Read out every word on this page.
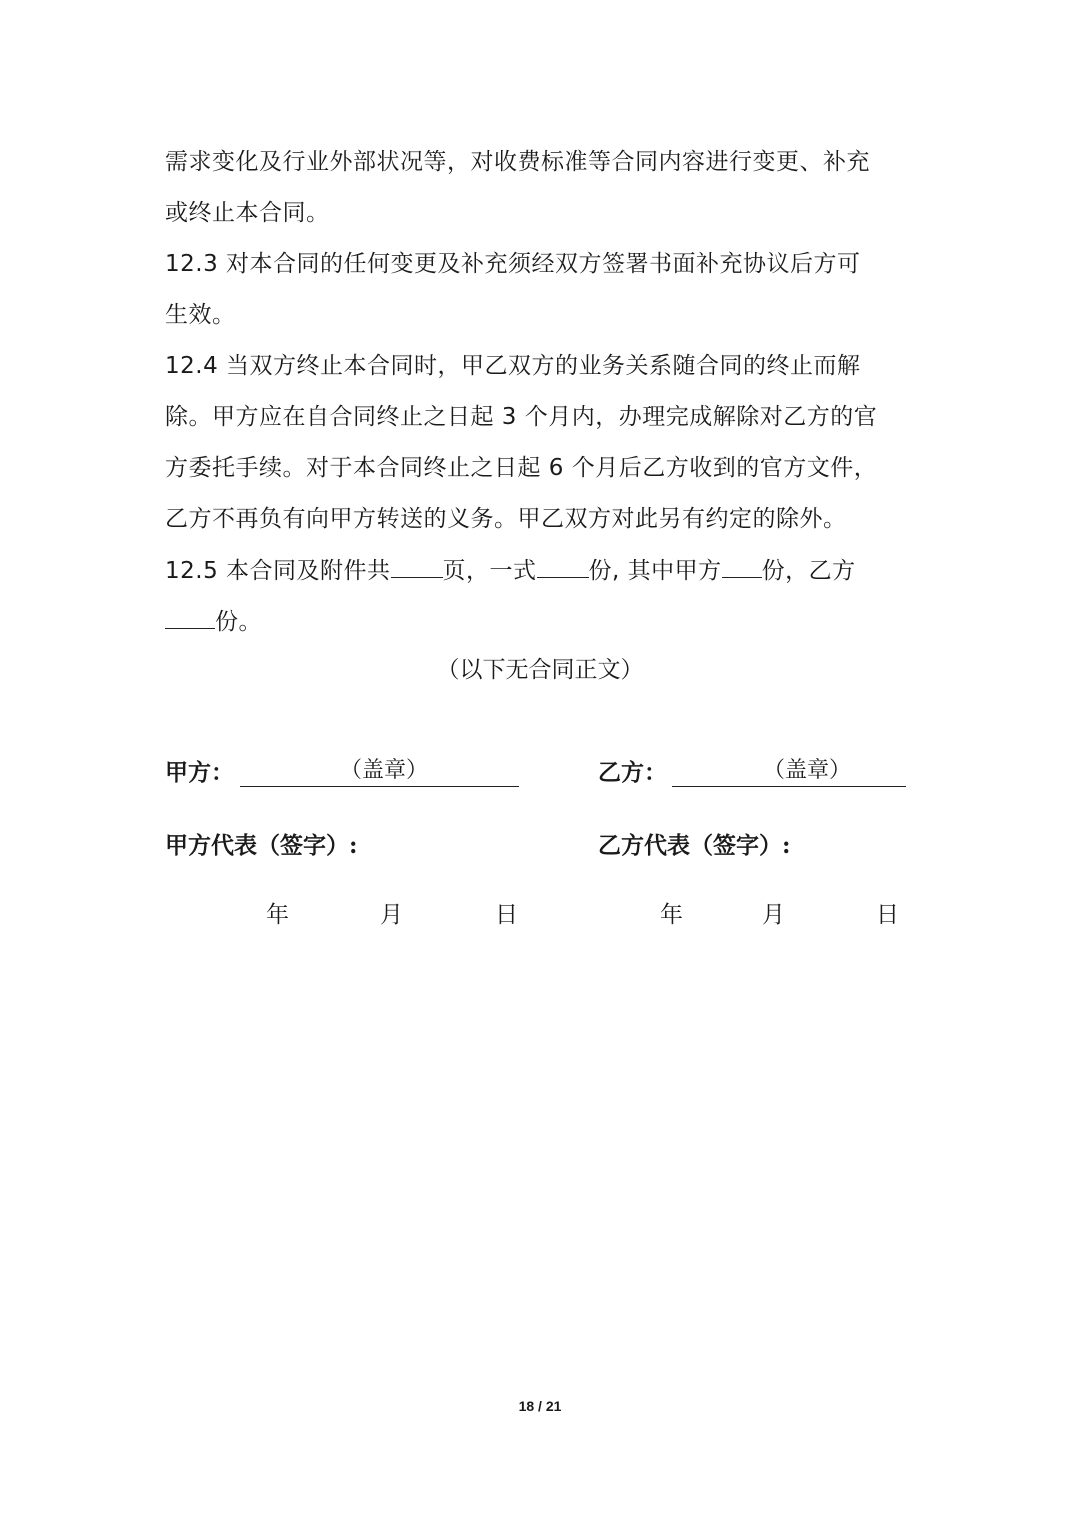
需求变化及行业外部状况等，对收费标准等合同内容进行变更、补充
或终止本合同。
12.3 对本合同的任何变更及补充须经双方签署书面补充协议后方可
生效。
12.4 当双方终止本合同时，甲乙双方的业务关系随合同的终止而解
除。甲方应在自合同终止之日起 3 个月内，办理完成解除对乙方的官
方委托手续。对于本合同终止之日起 6 个月后乙方收到的官方文件，
乙方不再负有向甲方转送的义务。甲乙双方对此另有约定的除外。
12.5 本合同及附件共 页，一式 份, 其中甲方 份，乙方
份。
（以下无合同正文）
甲方：	（盖章）	乙方：	（盖章）
甲方代表（签字）:	乙方代表（签字）:
年	月	日	年	月	日
18 / 21
